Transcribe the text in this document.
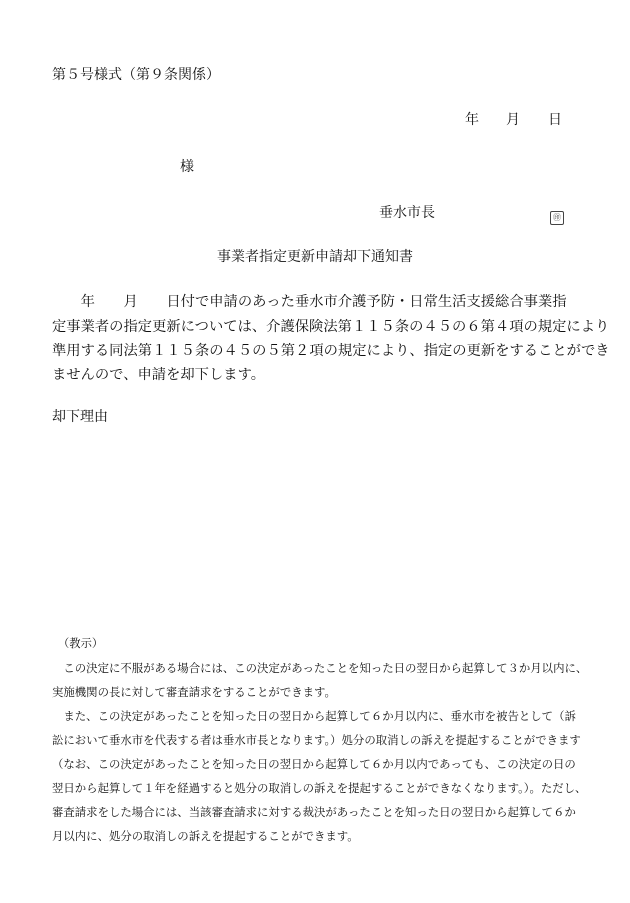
第５号様式（第９条関係）
年 月 日
様
垂水市長	㊞
事業者指定更新申請却下通知書
　　年　　月　　日付で申請のあった垂水市介護予防・日常生活支援総合事業指
定事業者の指定更新については、介護保険法第１１５条の４５の６第４項の規定により
準用する同法第１１５条の４５の５第２項の規定により、指定の更新をすることができ
ませんので、申請を却下します。
却下理由
（教示）
　この決定に不服がある場合には、この決定があったことを知った日の翌日から起算して３か月以内に、
実施機関の長に対して審査請求をすることができます。
　また、この決定があったことを知った日の翌日から起算して６か月以内に、垂水市を被告として（訴
訟において垂水市を代表する者は垂水市長となります。）処分の取消しの訴えを提起することができます
（なお、この決定があったことを知った日の翌日から起算して６か月以内であっても、この決定の日の
翌日から起算して１年を経過すると処分の取消しの訴えを提起することができなくなります。）。ただし、
審査請求をした場合には、当該審査請求に対する裁決があったことを知った日の翌日から起算して６か
月以内に、処分の取消しの訴えを提起することができます。
